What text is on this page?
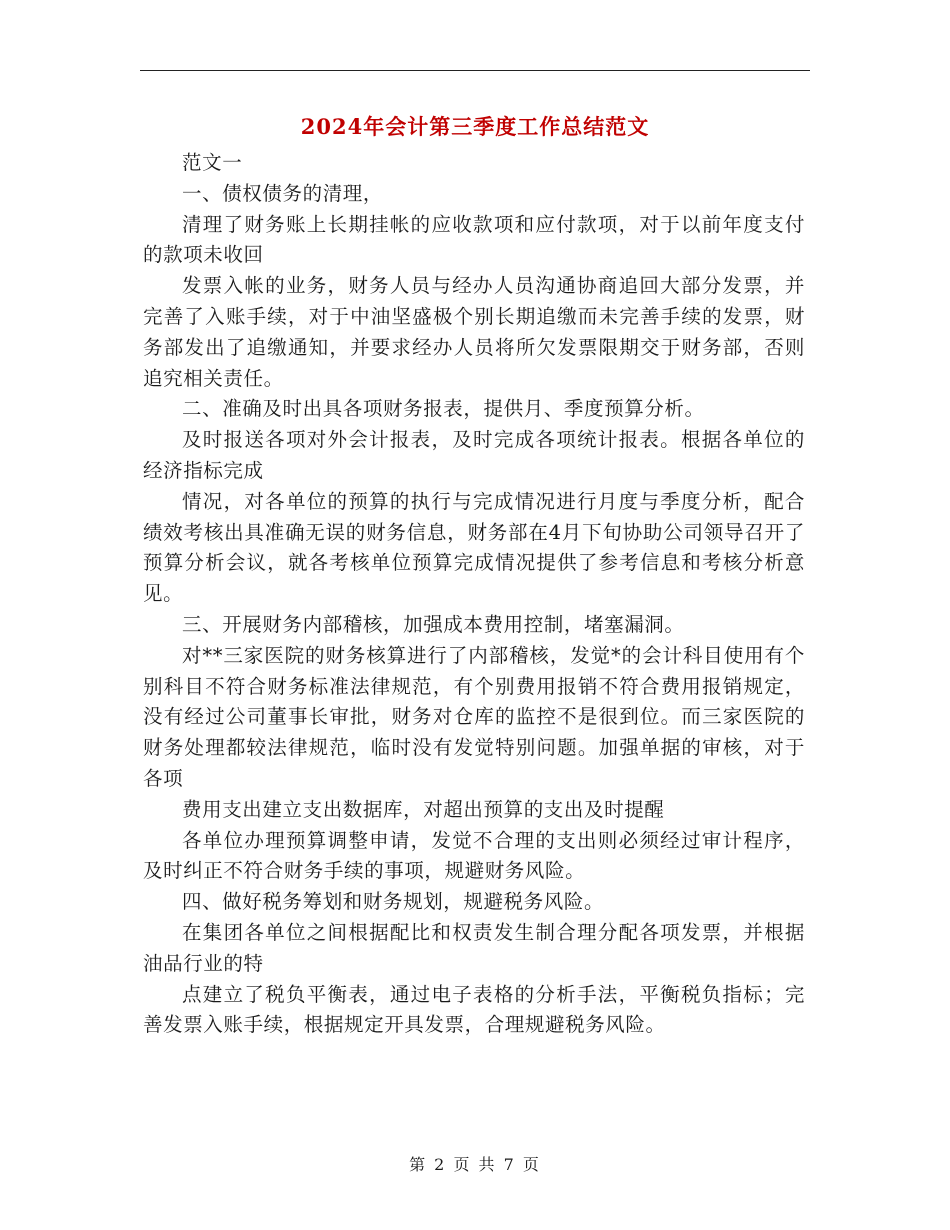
2024年会计第三季度工作总结范文

范文一

一、债权债务的清理，

清理了财务账上长期挂帐的应收款项和应付款项，对于以前年度支付的款项未收回

发票入帐的业务，财务人员与经办人员沟通协商追回大部分发票，并完善了入账手续，对于中油坚盛极个别长期追缴而未完善手续的发票，财务部发出了追缴通知，并要求经办人员将所欠发票限期交于财务部，否则追究相关责任。

二、准确及时出具各项财务报表，提供月、季度预算分析。

及时报送各项对外会计报表，及时完成各项统计报表。根据各单位的经济指标完成

情况，对各单位的预算的执行与完成情况进行月度与季度分析，配合绩效考核出具准确无误的财务信息，财务部在4月下旬协助公司领导召开了预算分析会议，就各考核单位预算完成情况提供了参考信息和考核分析意见。

三、开展财务内部稽核，加强成本费用控制，堵塞漏洞。

对**三家医院的财务核算进行了内部稽核，发觉*的会计科目使用有个别科目不符合财务标准法律规范，有个别费用报销不符合费用报销规定，没有经过公司董事长审批，财务对仓库的监控不是很到位。而三家医院的财务处理都较法律规范，临时没有发觉特别问题。加强单据的审核，对于各项

费用支出建立支出数据库，对超出预算的支出及时提醒

各单位办理预算调整申请，发觉不合理的支出则必须经过审计程序，及时纠正不符合财务手续的事项，规避财务风险。

四、做好税务筹划和财务规划，规避税务风险。

在集团各单位之间根据配比和权责发生制合理分配各项发票，并根据油品行业的特

点建立了税负平衡表，通过电子表格的分析手法，平衡税负指标；完善发票入账手续，根据规定开具发票，合理规避税务风险。

第 2 页 共 7 页
